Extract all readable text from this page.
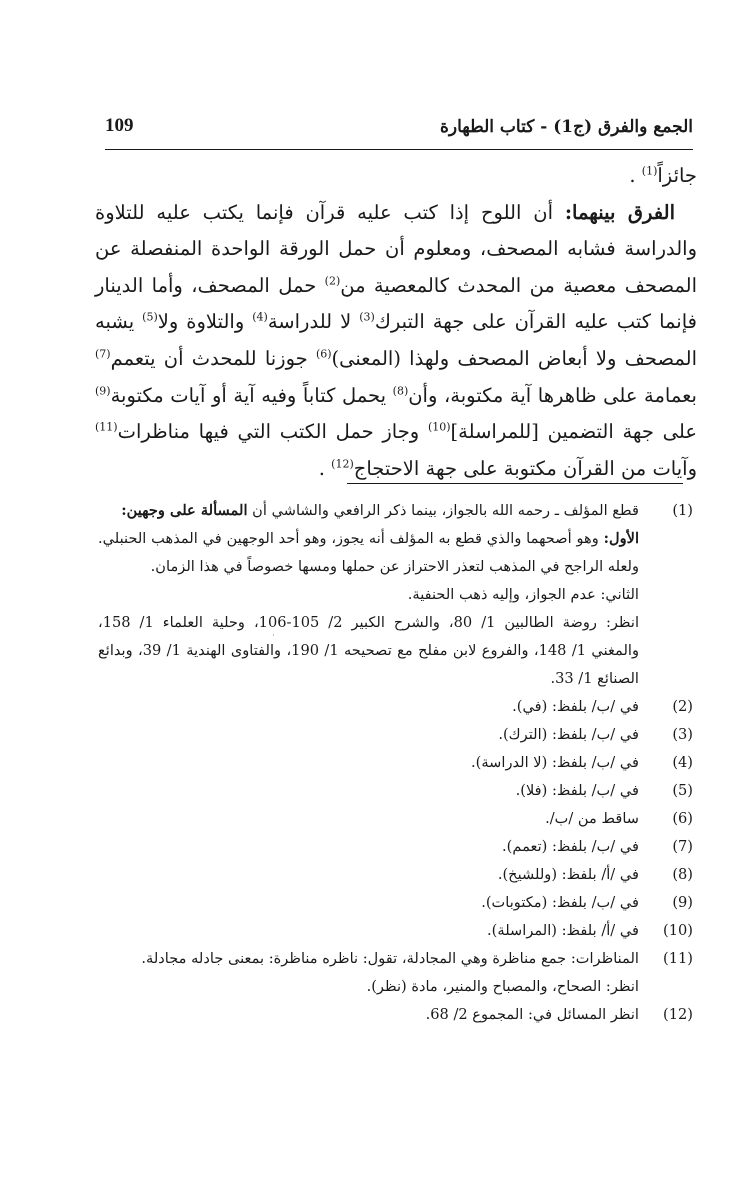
الجمع والفرق (ج1) - كتاب الطهارة
109

جائزاً$^{(1)}$ .

الفرق بينهما: أن اللوح إذا كتب عليه قرآن فإنما يكتب عليه للتلاوة والدراسة فشابه المصحف، ومعلوم أن حمل الورقة الواحدة المنفصلة عن المصحف معصية من المحدث كالمعصية من$^{(2)}$ حمل المصحف، وأما الدينار فإنما كتب عليه القرآن على جهة التبرك$^{(3)}$ لا للدراسة$^{(4)}$ والتلاوة ولا$^{(5)}$ يشبه المصحف ولا أبعاض المصحف ولهذا (المعنى)$^{(6)}$ جوزنا للمحدث أن يتعمم$^{(7)}$ بعمامة على ظاهرها آية مكتوبة، وأن$^{(8)}$ يحمل كتاباً وفيه آية أو آيات مكتوبة$^{(9)}$ على جهة التضمين [للمراسلة]$^{(10)}$ وجاز حمل الكتب التي فيها مناظرات$^{(11)}$ وآيات من القرآن مكتوبة على جهة الاحتجاج$^{(12)}$ .

(1)
قطع المؤلف ـ رحمه الله بالجواز، بينما ذكر الرافعي والشاشي أن المسألة على وجهين:
الأول: وهو أصحهما والذي قطع به المؤلف أنه يجوز، وهو أحد الوجهين في المذهب الحنبلي. ولعله الراجح في المذهب لتعذر الاحتراز عن حملها ومسها خصوصاً في هذا الزمان.
الثاني: عدم الجواز، وإليه ذهب الحنفية.
انظر: روضة الطالبين 1/ 80، والشرح الكبير 2/ 105-106، وحلية العلماء 1/ 158، والمغني 1/ 148، والفروع لابن مفلح مع تصحيحه 1/ 190، والفتاوى الهندية 1/ 39، وبدائع الصنائع 1/ 33.
(2)
في /ب/ بلفظ: (في).
(3)
في /ب/ بلفظ: (الترك).
(4)
في /ب/ بلفظ: (لا الدراسة).
(5)
في /ب/ بلفظ: (فلا).
(6)
ساقط من /ب/.
(7)
في /ب/ بلفظ: (تعمم).
(8)
في /أ/ بلفظ: (وللشيخ).
(9)
في /ب/ بلفظ: (مكتوبات).
(10)
في /أ/ بلفظ: (المراسلة).
(11)
المناظرات: جمع مناظرة وهي المجادلة، تقول: ناظره مناظرة: بمعنى جادله مجادلة.
انظر: الصحاح، والمصباح والمنير، مادة (نظر).
(12)
انظر المسائل في: المجموع 2/ 68.
·
